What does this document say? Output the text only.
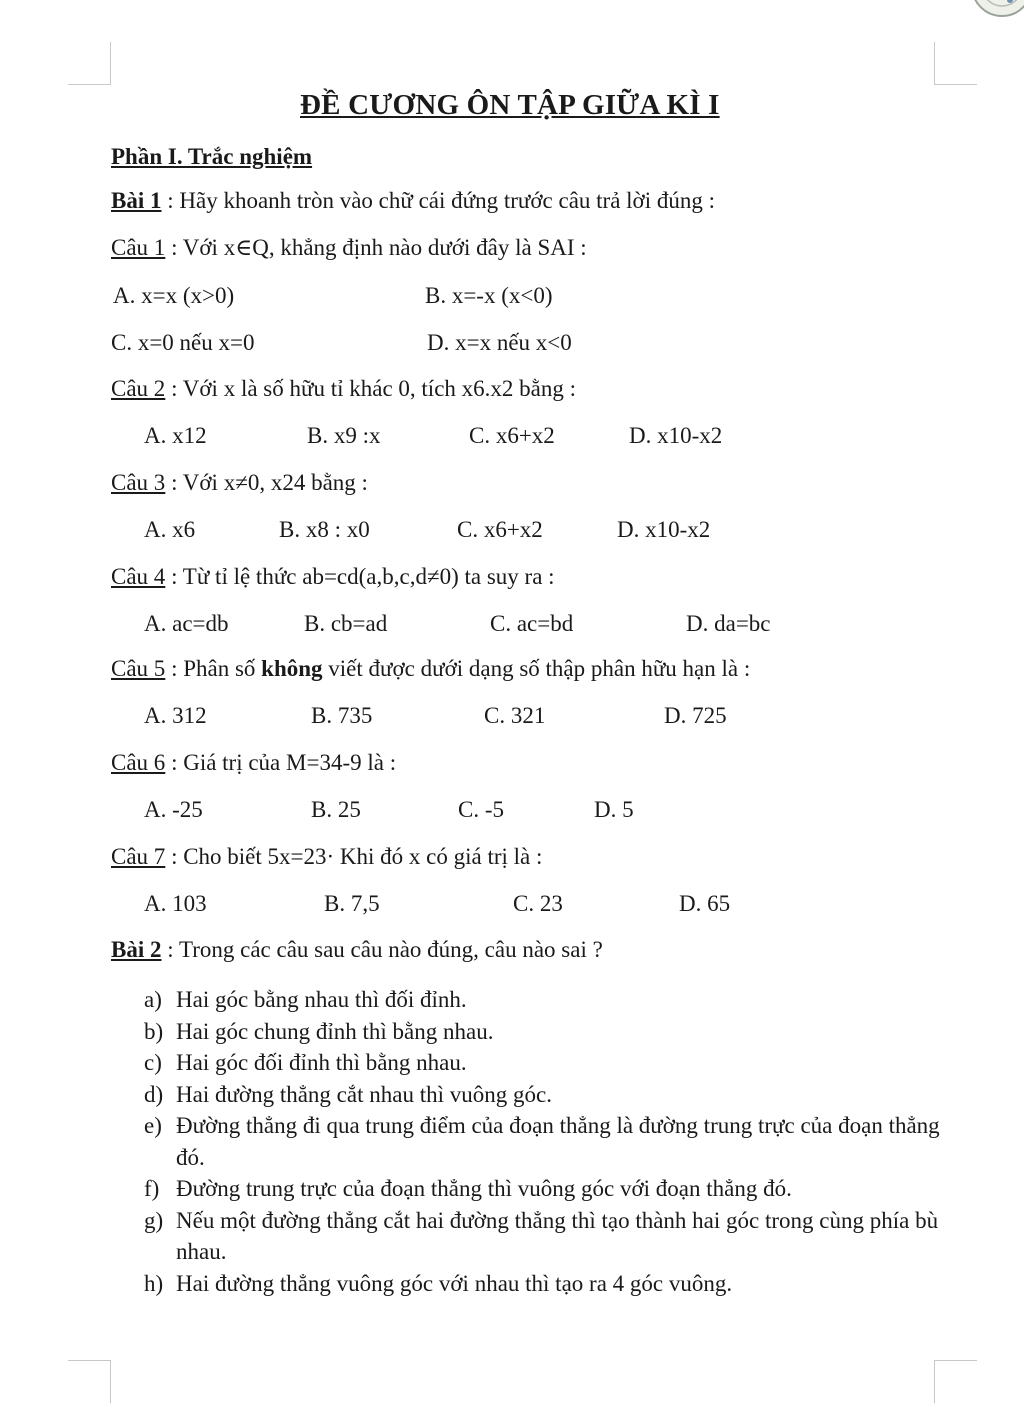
ĐỀ CƯƠNG ÔN TẬP GIỮA KÌ I
Phần I. Trắc nghiệm
Bài 1 : Hãy khoanh tròn vào chữ cái đứng trước câu trả lời đúng :
Câu 1 : Với x∈Q, khẳng định nào dưới đây là SAI :
A. x=x (x>0)	B. x=-x (x<0)
C. x=0 nếu x=0	D. x=x nếu x<0
Câu 2 : Với x là số hữu tỉ khác 0, tích x6.x2 bằng :
A. x12	B. x9 :x	C. x6+x2	D. x10-x2
Câu 3 : Với x≠0, x24 bằng :
A. x6	B. x8 : x0	C. x6+x2	D. x10-x2
Câu 4 : Từ tỉ lệ thức ab=cd(a,b,c,d≠0) ta suy ra :
A. ac=db	B. cb=ad	C. ac=bd	D. da=bc
Câu 5 : Phân số không viết được dưới dạng số thập phân hữu hạn là :
A. 312	B. 735	C. 321	D. 725
Câu 6 : Giá trị của M=34-9 là :
A. -25	B. 25	C. -5	D. 5
Câu 7 : Cho biết 5x=23· Khi đó x có giá trị là :
A. 103	B. 7,5	C. 23	D. 65
Bài 2 : Trong các câu sau câu nào đúng, câu nào sai ?
a) Hai góc bằng nhau thì đối đỉnh.
b) Hai góc chung đỉnh thì bằng nhau.
c) Hai góc đối đỉnh thì bằng nhau.
d) Hai đường thẳng cắt nhau thì vuông góc.
e) Đường thẳng đi qua trung điểm của đoạn thẳng là đường trung trực của đoạn thẳng đó.
f) Đường trung trực của đoạn thẳng thì vuông góc với đoạn thẳng đó.
g) Nếu một đường thẳng cắt hai đường thẳng thì tạo thành hai góc trong cùng phía bù nhau.
h) Hai đường thẳng vuông góc với nhau thì tạo ra 4 góc vuông.
